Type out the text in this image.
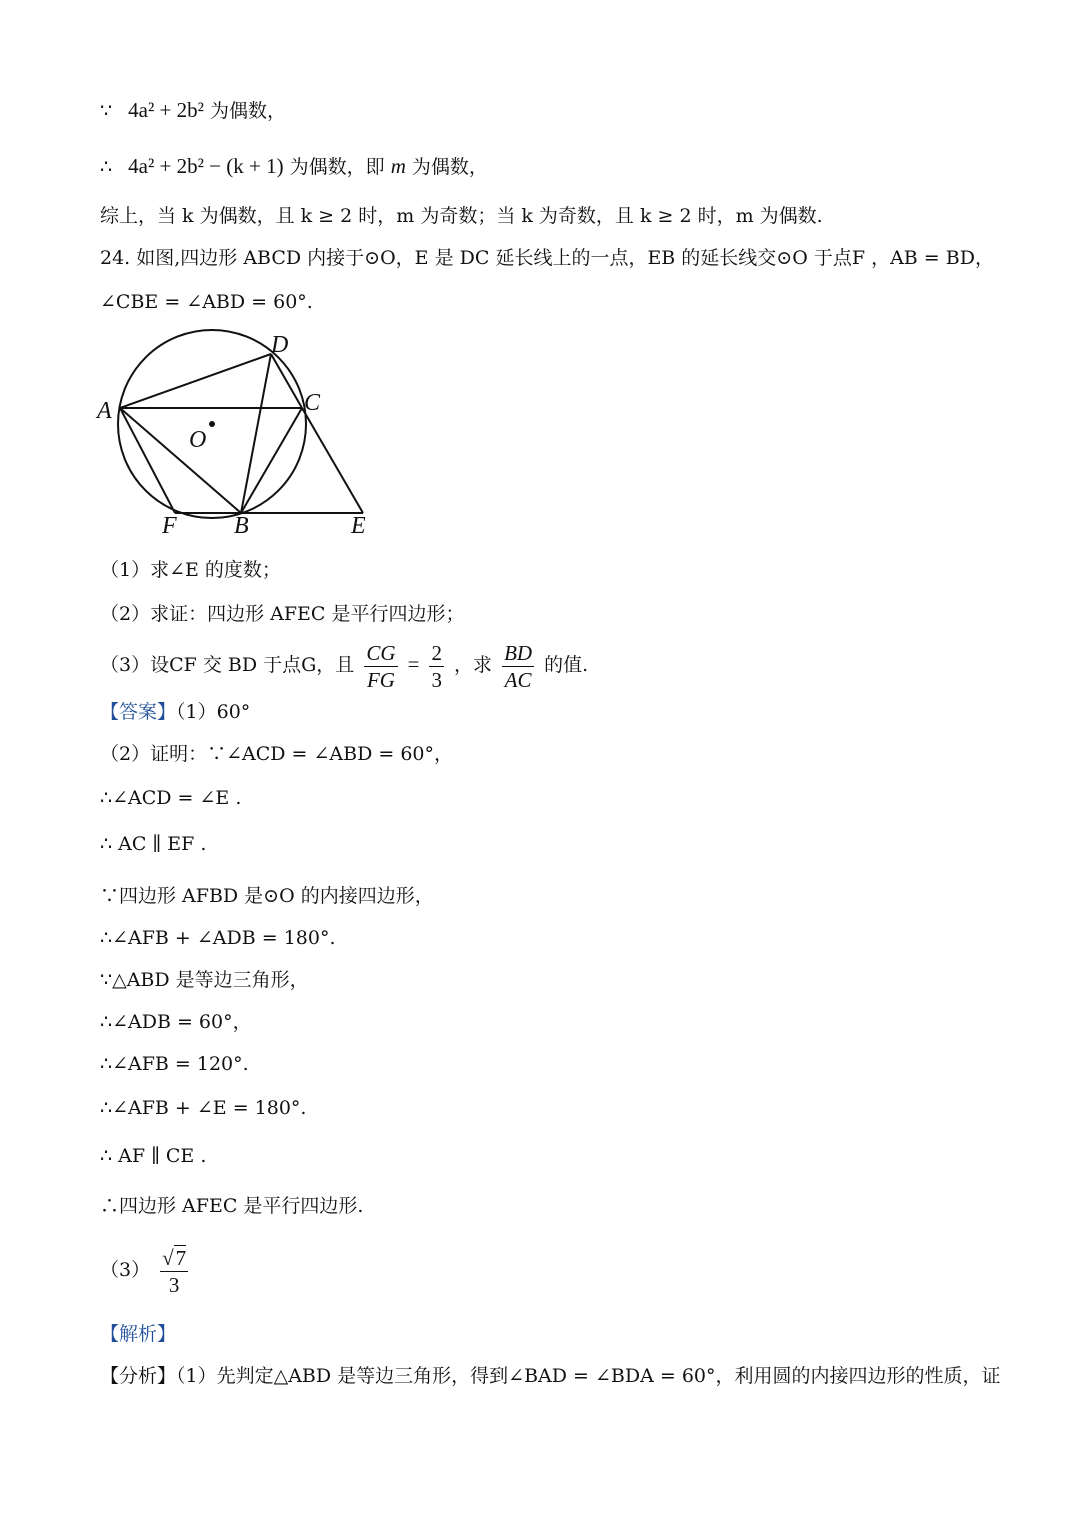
∵ 4a² + 2b² 为偶数，
∴ 4a² + 2b² − (k + 1) 为偶数，即 m 为偶数，
综上，当 k 为偶数，且 k ≥ 2 时，m 为奇数；当 k 为奇数，且 k ≥ 2 时，m 为偶数.
24. 如图,四边形 ABCD 内接于⊙O，E 是 DC 延长线上的一点，EB 的延长线交⊙O 于点F ，AB = BD，
∠CBE = ∠ABD = 60°.
D
A	C
O
F B	E
（1）求∠E 的度数；
（2）求证：四边形 AFEC 是平行四边形；
（3）设CF 交 BD 于点G，且 $\frac{CG}{FG} = \frac{2}{3}$ ，求 $\frac{BD}{AC}$ 的值.
【答案】（1）60°
（2）证明：∵∠ACD = ∠ABD = 60°，
∴∠ACD = ∠E .
∴ AC ∥ EF .
∵四边形 AFBD 是⊙O 的内接四边形，
∴∠AFB + ∠ADB = 180°.
∵△ABD 是等边三角形，
∴∠ADB = 60°，
∴∠AFB = 120°.
∴∠AFB + ∠E = 180°.
∴ AF ∥ CE .
∴四边形 AFEC 是平行四边形.
$(3) \frac{√7}{3}$
【解析】
【分析】（1）先判定△ABD 是等边三角形，得到∠BAD = ∠BDA = 60°，利用圆的内接四边形的性质，证
